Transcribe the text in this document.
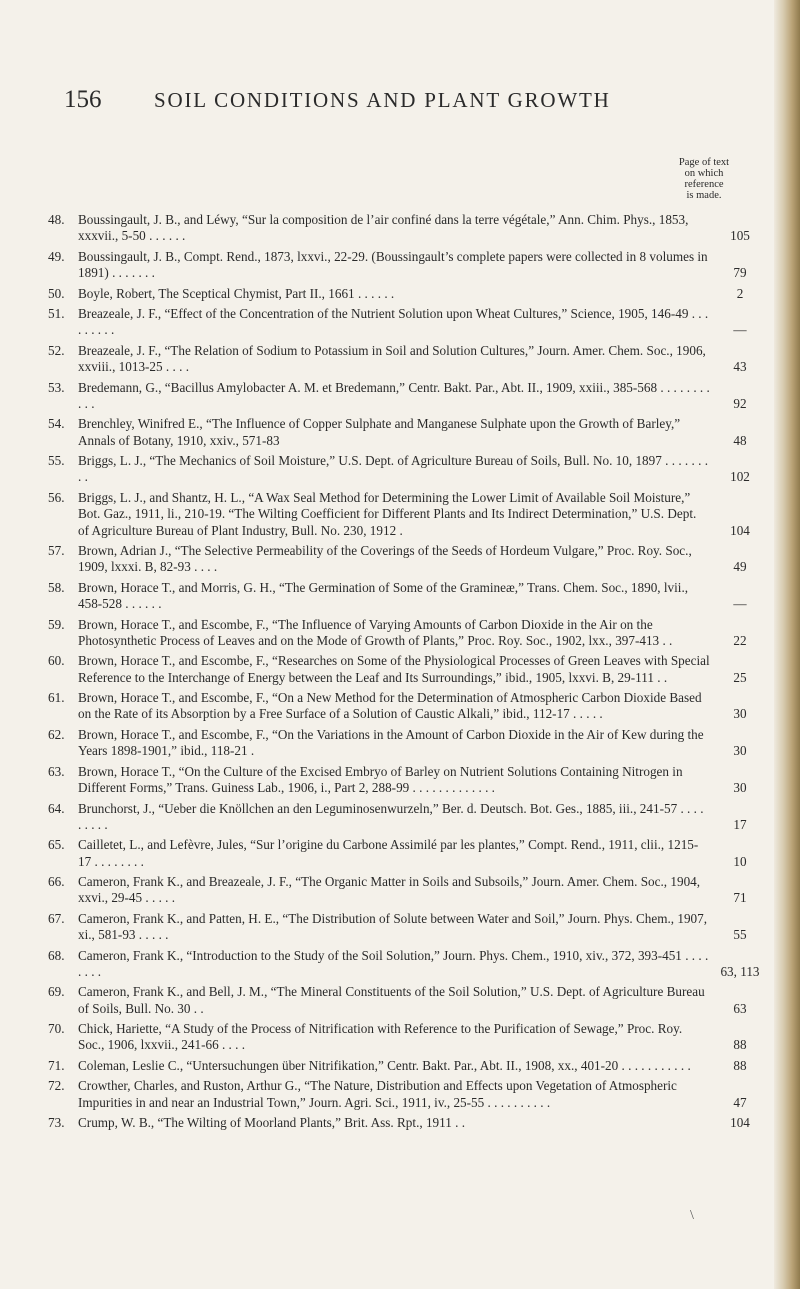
156	SOIL CONDITIONS AND PLANT GROWTH
Page of text
on which
reference
is made.
48.	Boussingault, J. B., and Léwy, “Sur la composition de l’air confiné dans la terre végétale,” Ann. Chim. Phys., 1853, xxxvii., 5-50 . . . . . .	105
49.	Boussingault, J. B., Compt. Rend., 1873, lxxvi., 22-29. (Boussingault’s complete papers were collected in 8 volumes in 1891) . . . . . . .	79
50.	Boyle, Robert, The Sceptical Chymist, Part II., 1661 . . . . . .	2
51.	Breazeale, J. F., “Effect of the Concentration of the Nutrient Solution upon Wheat Cultures,” Science, 1905, 146-49 . . . . . . . . .	—
52.	Breazeale, J. F., “The Relation of Sodium to Potassium in Soil and Solution Cultures,” Journ. Amer. Chem. Soc., 1906, xxviii., 1013-25 . . . .	43
53.	Bredemann, G., “Bacillus Amylobacter A. M. et Bredemann,” Centr. Bakt. Par., Abt. II., 1909, xxiii., 385-568 . . . . . . . . . . .	92
54.	Brenchley, Winifred E., “The Influence of Copper Sulphate and Manganese Sulphate upon the Growth of Barley,” Annals of Botany, 1910, xxiv., 571-83	48
55.	Briggs, L. J., “The Mechanics of Soil Moisture,” U.S. Dept. of Agriculture Bureau of Soils, Bull. No. 10, 1897 . . . . . . . . .	102
56.	Briggs, L. J., and Shantz, H. L., “A Wax Seal Method for Determining the Lower Limit of Available Soil Moisture,” Bot. Gaz., 1911, li., 210-19. “The Wilting Coefficient for Different Plants and Its Indirect Determination,” U.S. Dept. of Agriculture Bureau of Plant Industry, Bull. No. 230, 1912 .	104
57.	Brown, Adrian J., “The Selective Permeability of the Coverings of the Seeds of Hordeum Vulgare,” Proc. Roy. Soc., 1909, lxxxi. B, 82-93 . . . .	49
58.	Brown, Horace T., and Morris, G. H., “The Germination of Some of the Gramineæ,” Trans. Chem. Soc., 1890, lvii., 458-528 . . . . . .	—
59.	Brown, Horace T., and Escombe, F., “The Influence of Varying Amounts of Carbon Dioxide in the Air on the Photosynthetic Process of Leaves and on the Mode of Growth of Plants,” Proc. Roy. Soc., 1902, lxx., 397-413 . .	22
60.	Brown, Horace T., and Escombe, F., “Researches on Some of the Physiological Processes of Green Leaves with Special Reference to the Interchange of Energy between the Leaf and Its Surroundings,” ibid., 1905, lxxvi. B, 29-111 . .	25
61.	Brown, Horace T., and Escombe, F., “On a New Method for the Determination of Atmospheric Carbon Dioxide Based on the Rate of its Absorption by a Free Surface of a Solution of Caustic Alkali,” ibid., 112-17 . . . . .	30
62.	Brown, Horace T., and Escombe, F., “On the Variations in the Amount of Carbon Dioxide in the Air of Kew during the Years 1898-1901,” ibid., 118-21 .	30
63.	Brown, Horace T., “On the Culture of the Excised Embryo of Barley on Nutrient Solutions Containing Nitrogen in Different Forms,” Trans. Guiness Lab., 1906, i., Part 2, 288-99 . . . . . . . . . . . . .	30
64.	Brunchorst, J., “Ueber die Knöllchen an den Leguminosenwurzeln,” Ber. d. Deutsch. Bot. Ges., 1885, iii., 241-57 . . . . . . . . .	17
65.	Cailletet, L., and Lefèvre, Jules, “Sur l’origine du Carbone Assimilé par les plantes,” Compt. Rend., 1911, clii., 1215-17 . . . . . . . .	10
66.	Cameron, Frank K., and Breazeale, J. F., “The Organic Matter in Soils and Subsoils,” Journ. Amer. Chem. Soc., 1904, xxvi., 29-45 . . . . .	71
67.	Cameron, Frank K., and Patten, H. E., “The Distribution of Solute between Water and Soil,” Journ. Phys. Chem., 1907, xi., 581-93 . . . . .	55
68.	Cameron, Frank K., “Introduction to the Study of the Soil Solution,” Journ. Phys. Chem., 1910, xiv., 372, 393-451 . . . . . . . .	63, 113
69.	Cameron, Frank K., and Bell, J. M., “The Mineral Constituents of the Soil Solution,” U.S. Dept. of Agriculture Bureau of Soils, Bull. No. 30 . .	63
70.	Chick, Hariette, “A Study of the Process of Nitrification with Reference to the Purification of Sewage,” Proc. Roy. Soc., 1906, lxxvii., 241-66 . . . .	88
71.	Coleman, Leslie C., “Untersuchungen über Nitrifikation,” Centr. Bakt. Par., Abt. II., 1908, xx., 401-20 . . . . . . . . . . .	88
72.	Crowther, Charles, and Ruston, Arthur G., “The Nature, Distribution and Effects upon Vegetation of Atmospheric Impurities in and near an Industrial Town,” Journ. Agri. Sci., 1911, iv., 25-55 . . . . . . . . . .	47
73.	Crump, W. B., “The Wilting of Moorland Plants,” Brit. Ass. Rpt., 1911 . .	104
\
